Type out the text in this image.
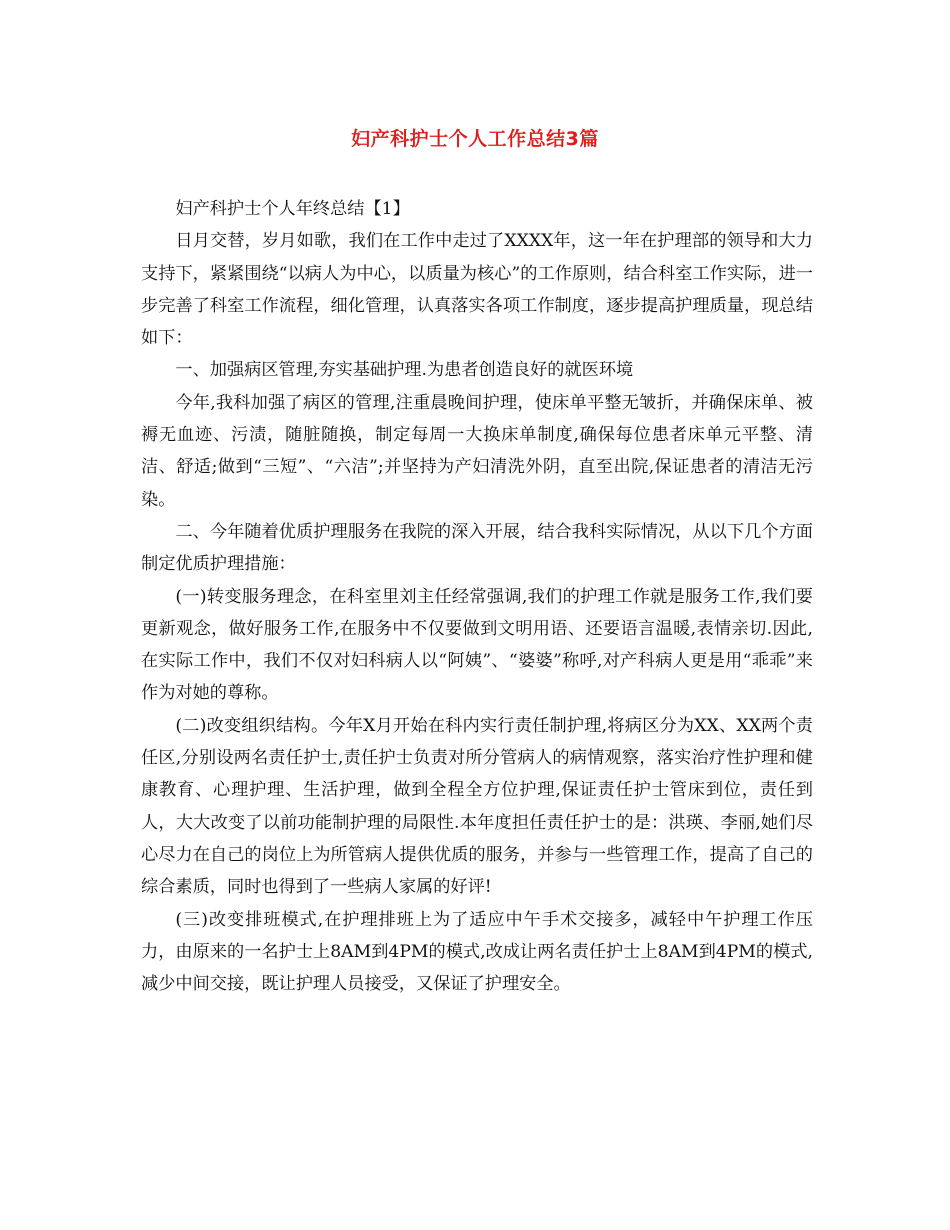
妇产科护士个人工作总结3篇

妇产科护士个人年终总结【1】

日月交替，岁月如歌，我们在工作中走过了XXXX年，这一年在护理部的领导和大力支持下，紧紧围绕“以病人为中心，以质量为核心”的工作原则，结合科室工作实际，进一步完善了科室工作流程，细化管理，认真落实各项工作制度，逐步提高护理质量，现总结如下：

一、加强病区管理,夯实基础护理.为患者创造良好的就医环境

今年,我科加强了病区的管理,注重晨晚间护理，使床单平整无皱折，并确保床单、被褥无血迹、污渍，随脏随换，制定每周一大换床单制度,确保每位患者床单元平整、清洁、舒适;做到“三短”、“六洁”;并坚持为产妇清洗外阴，直至出院,保证患者的清洁无污染。

二、今年随着优质护理服务在我院的深入开展，结合我科实际情况，从以下几个方面制定优质护理措施：

(一)转变服务理念，在科室里刘主任经常强调,我们的护理工作就是服务工作,我们要更新观念，做好服务工作,在服务中不仅要做到文明用语、还要语言温暖,表情亲切.因此,在实际工作中，我们不仅对妇科病人以“阿姨”、“婆婆”称呼,对产科病人更是用“乖乖”来作为对她的尊称。

(二)改变组织结构。今年X月开始在科内实行责任制护理,将病区分为XX、XX两个责任区,分别设两名责任护士,责任护士负责对所分管病人的病情观察，落实治疗性护理和健康教育、心理护理、生活护理，做到全程全方位护理,保证责任护士管床到位，责任到人，大大改变了以前功能制护理的局限性.本年度担任责任护士的是：洪瑛、李丽,她们尽心尽力在自己的岗位上为所管病人提供优质的服务，并参与一些管理工作，提高了自己的综合素质，同时也得到了一些病人家属的好评!

(三)改变排班模式,在护理排班上为了适应中午手术交接多，减轻中午护理工作压力，由原来的一名护士上8AM到4PM的模式,改成让两名责任护士上8AM到4PM的模式,减少中间交接，既让护理人员接受，又保证了护理安全。
